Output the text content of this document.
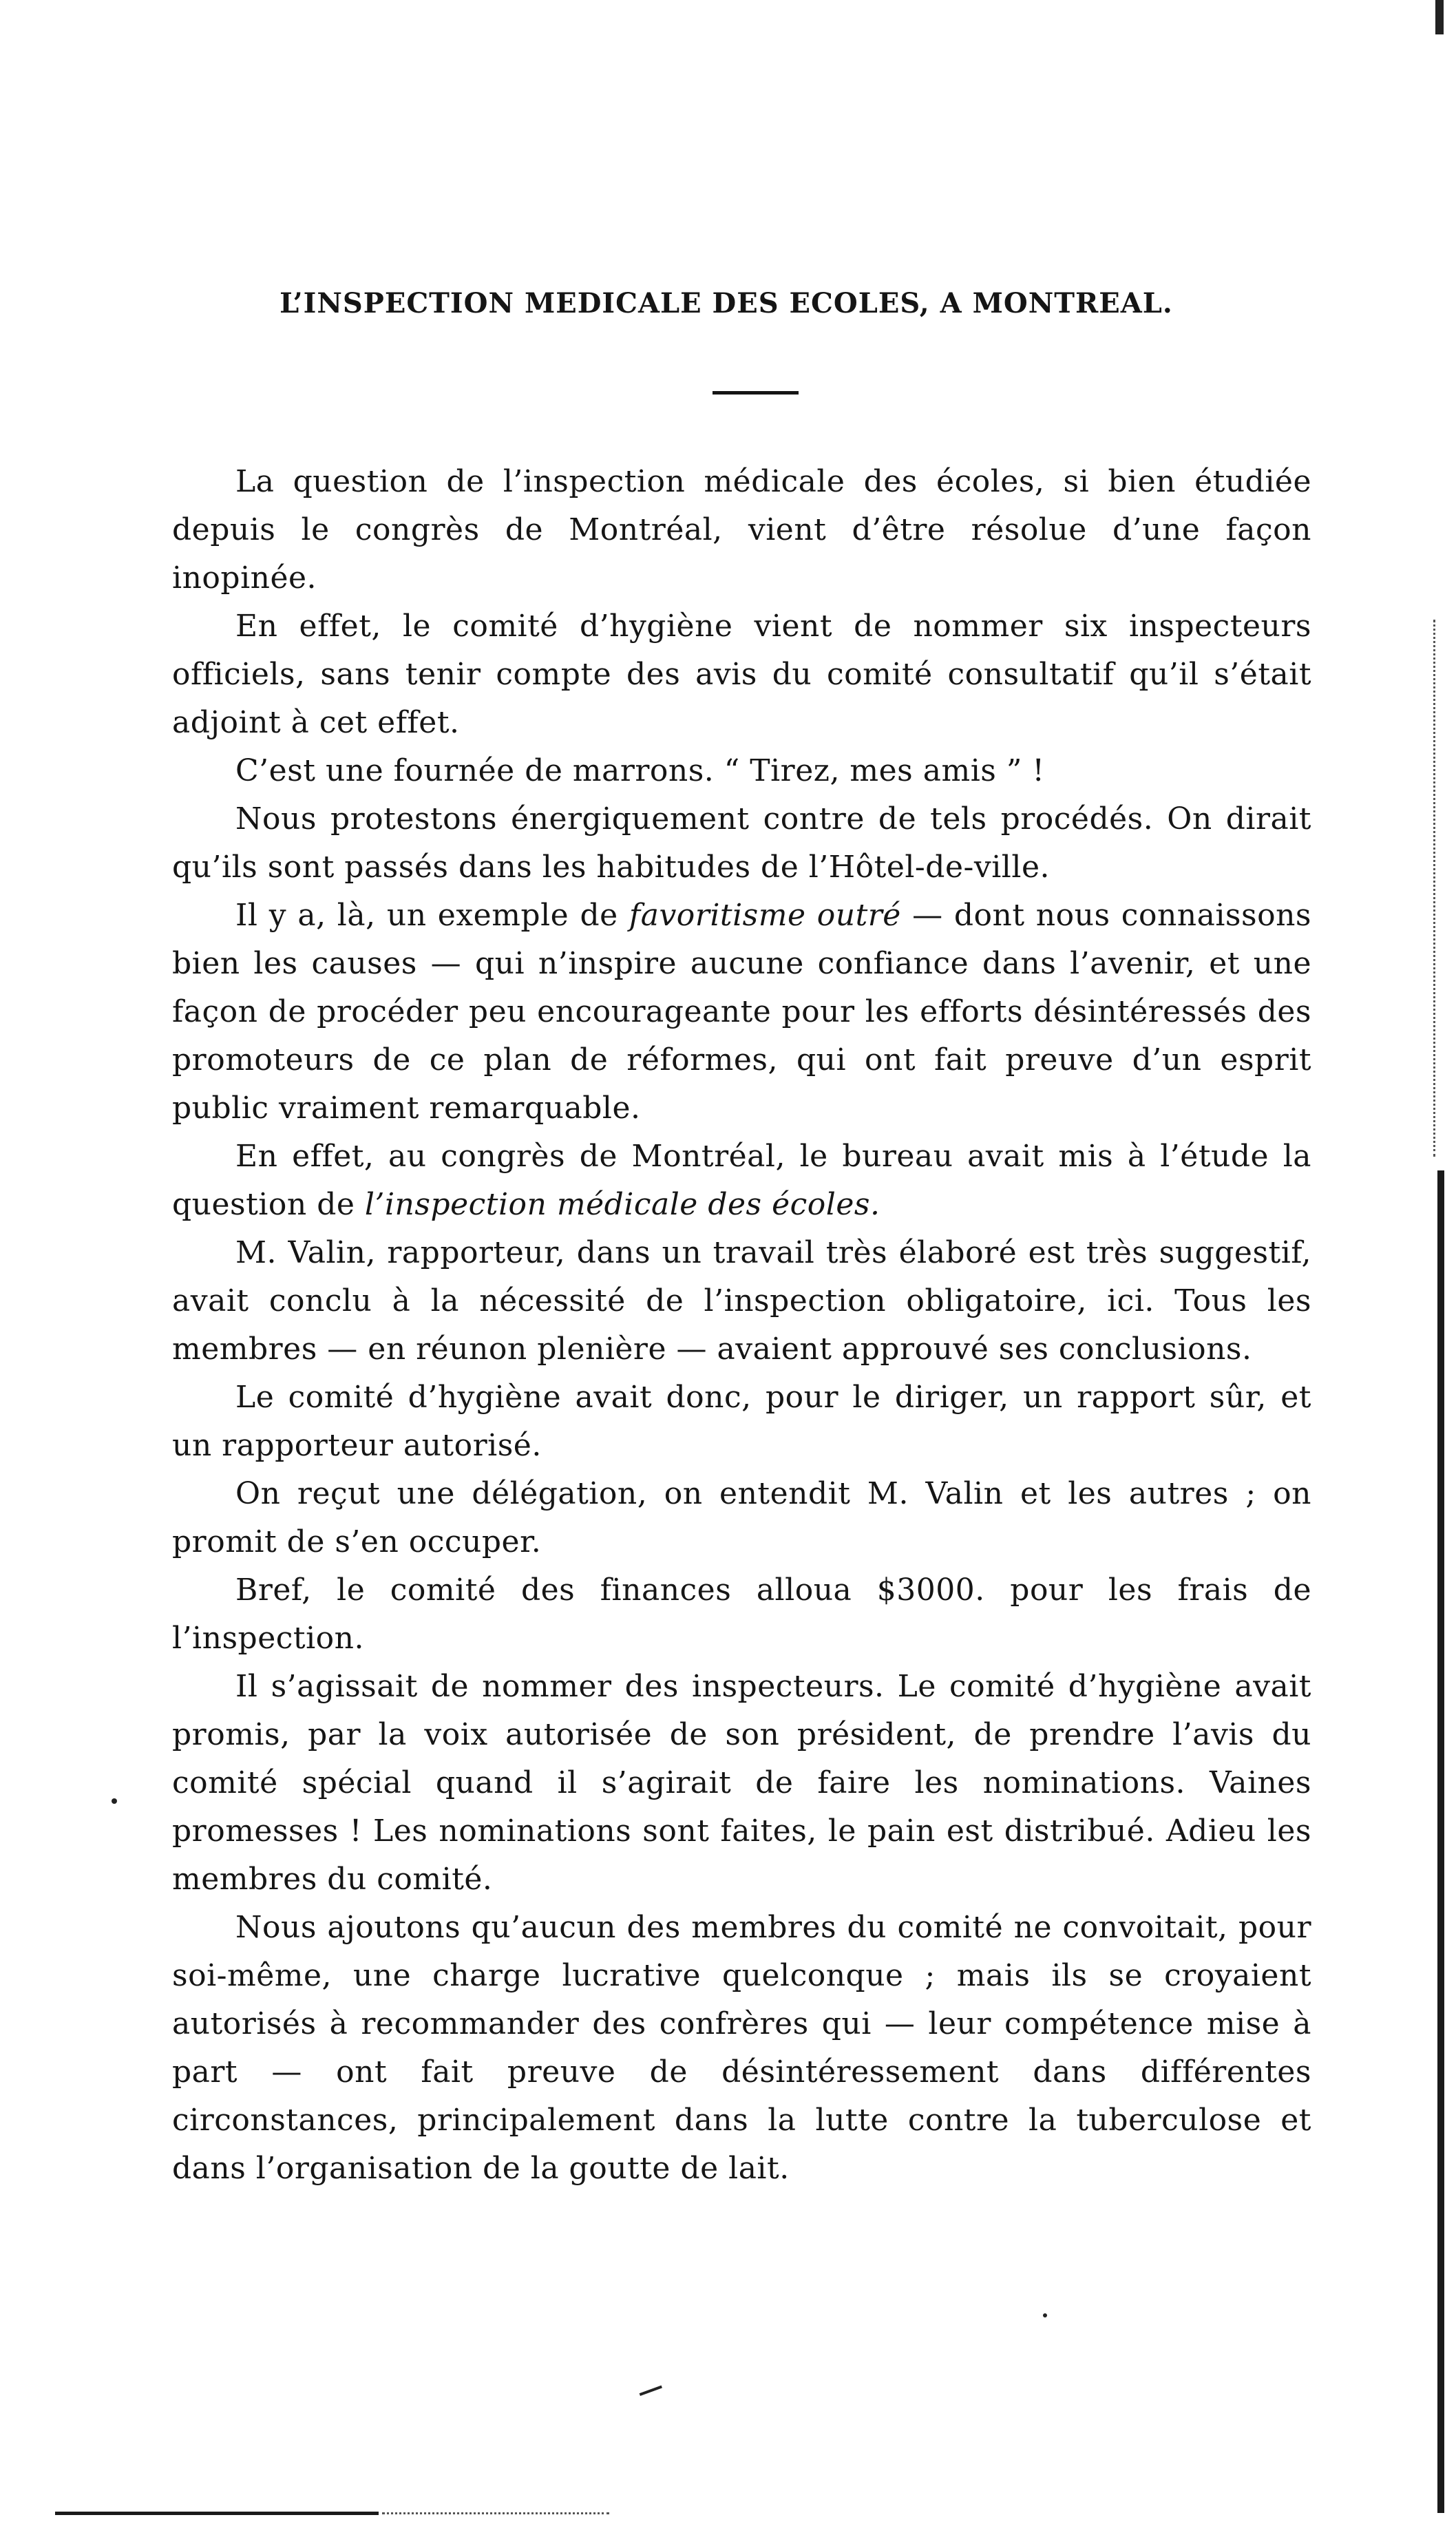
L’INSPECTION MEDICALE DES ECOLES, A MONTREAL.

La question de l’inspection médicale des écoles, si bien étudiée depuis le congrès de Montréal, vient d’être résolue d’une façon inopinée.

En effet, le comité d’hygiène vient de nommer six inspecteurs officiels, sans tenir compte des avis du comité consultatif qu’il s’était adjoint à cet effet.

C’est une fournée de marrons. “ Tirez, mes amis ” !

Nous protestons énergiquement contre de tels procédés. On dirait qu’ils sont passés dans les habitudes de l’Hôtel-de-ville.

Il y a, là, un exemple de favoritisme outré — dont nous connaissons bien les causes — qui n’inspire aucune confiance dans l’avenir, et une façon de procéder peu encourageante pour les efforts désintéressés des promoteurs de ce plan de réformes, qui ont fait preuve d’un esprit public vraiment remarquable.

En effet, au congrès de Montréal, le bureau avait mis à l’étude la question de l’inspection médicale des écoles.

M. Valin, rapporteur, dans un travail très élaboré est très suggestif, avait conclu à la nécessité de l’inspection obligatoire, ici. Tous les membres — en réunon plenière — avaient approuvé ses conclusions.

Le comité d’hygiène avait donc, pour le diriger, un rapport sûr, et un rapporteur autorisé.

On reçut une délégation, on entendit M. Valin et les autres ; on promit de s’en occuper.

Bref, le comité des finances alloua $3000. pour les frais de l’inspection.

Il s’agissait de nommer des inspecteurs. Le comité d’hygiène avait promis, par la voix autorisée de son président, de prendre l’avis du comité spécial quand il s’agirait de faire les nominations. Vaines promesses ! Les nominations sont faites, le pain est distribué. Adieu les membres du comité.

Nous ajoutons qu’aucun des membres du comité ne convoitait, pour soi-même, une charge lucrative quelconque ; mais ils se croyaient autorisés à recommander des confrères qui — leur compétence mise à part — ont fait preuve de désintéressement dans différentes circonstances, principalement dans la lutte contre la tuberculose et dans l’organisation de la goutte de lait.
